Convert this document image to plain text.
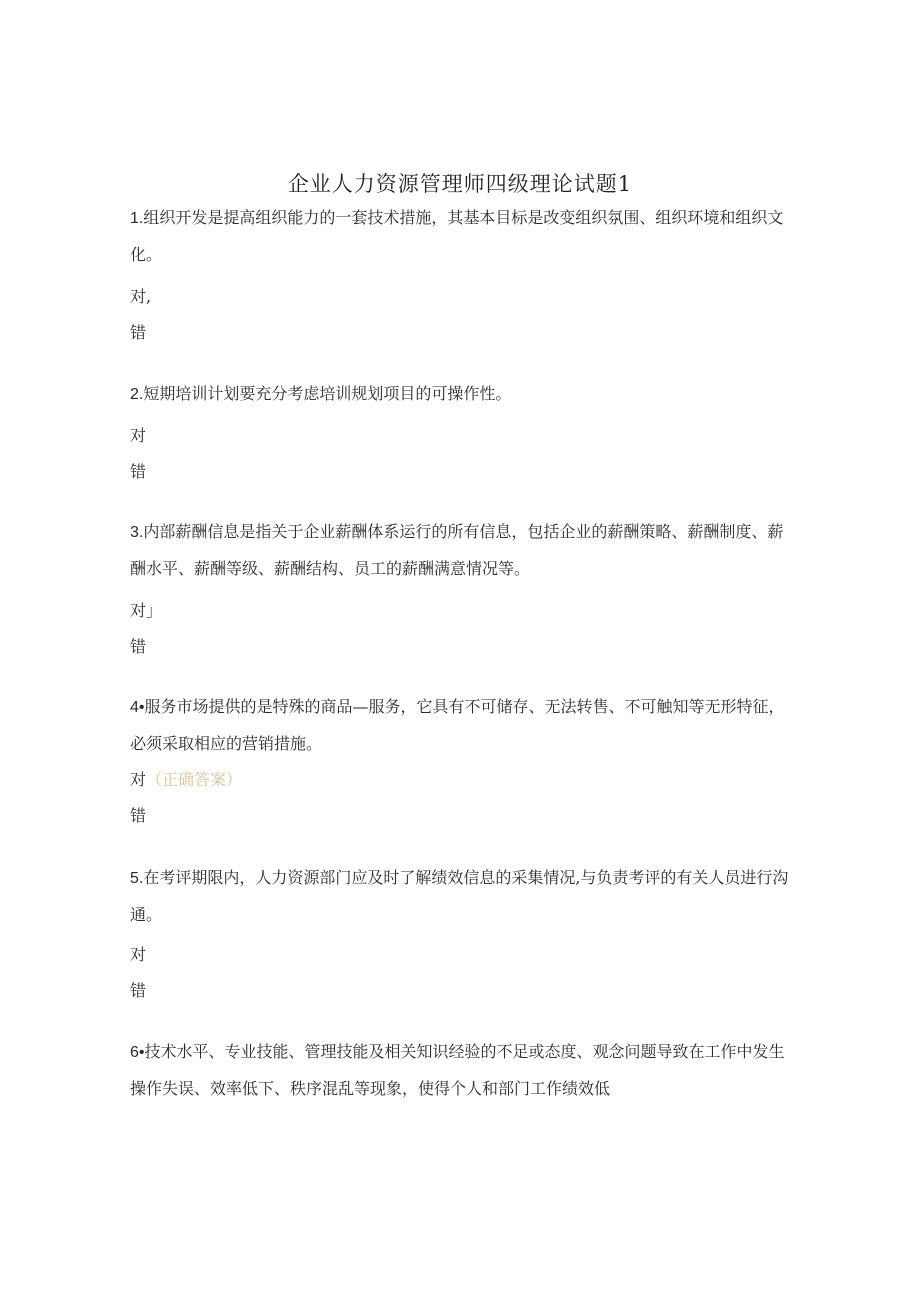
企业人力资源管理师四级理论试题1
1.组织开发是提高组织能力的一套技术措施，其基本目标是改变组织氛围、组织环境和组织文化。
对,
错
2.短期培训计划要充分考虑培训规划项目的可操作性。
对
错
3.内部薪酬信息是指关于企业薪酬体系运行的所有信息，包括企业的薪酬策略、薪酬制度、薪酬水平、薪酬等级、薪酬结构、员工的薪酬满意情况等。
对」
错
4•服务市场提供的是特殊的商品—服务，它具有不可储存、无法转售、不可触知等无形特征，必须采取相应的营销措施。
对（正确答案）
错
5.在考评期限内，人力资源部门应及时了解绩效信息的采集情况,与负责考评的有关人员进行沟通。
对
错
6•技术水平、专业技能、管理技能及相关知识经验的不足或态度、观念问题导致在工作中发生操作失误、效率低下、秩序混乱等现象，使得个人和部门工作绩效低
